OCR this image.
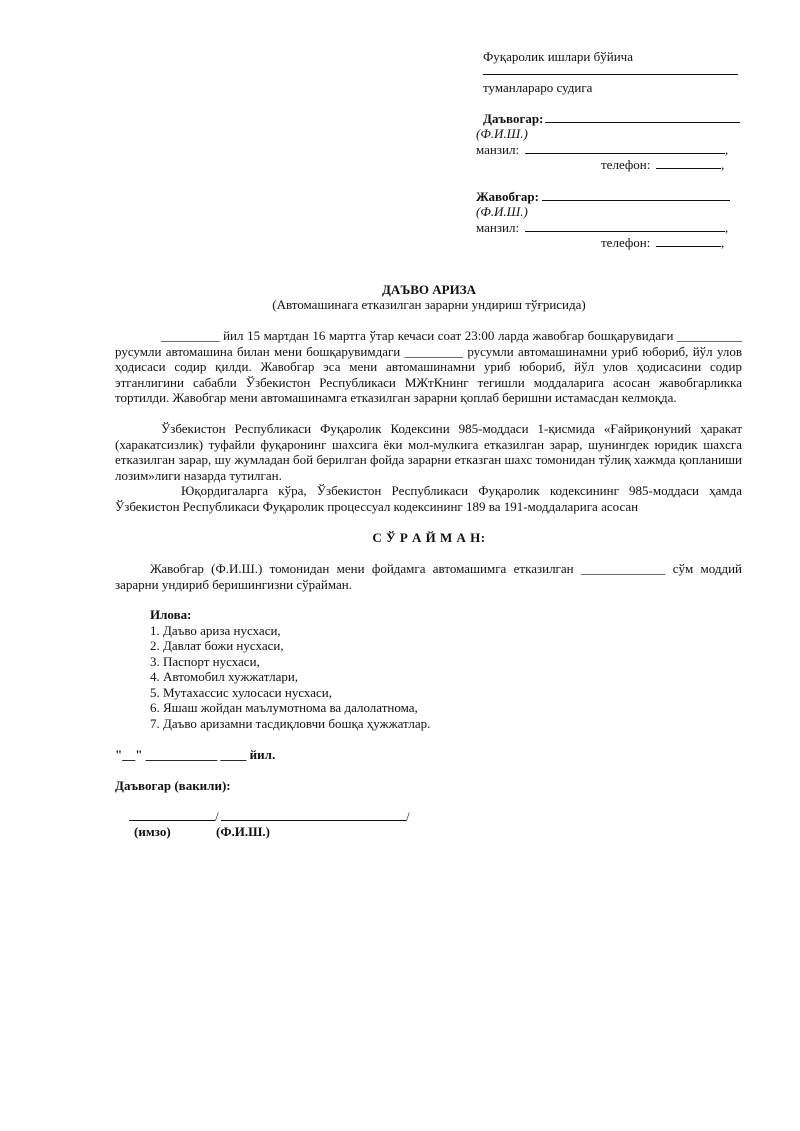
Фуқаролик ишлари бўйича
туманлараро судига
Даъвогар:
(Ф.И.Ш.)
манзил:	,
телефон:	,
Жавобгар:
(Ф.И.Ш.)
манзил:	,
телефон:	,
ДАЪВО АРИЗА
(Автомашинага етказилган зарарни ундириш тўғрисида)
_________ йил 15 мартдан 16 мартга ўтар кечаси соат 23:00 ларда жавобгар бошқарувидаги __________ русумли автомашина билан мени бошқарувимдаги _________ русумли автомашинамни уриб юбориб, йўл улов ҳодисаси содир қилди. Жавобгар эса мени автомашинамни уриб юбориб, йўл улов ҳодисасини содир этганлигини сабабли Ўзбекистон Республикаси МЖтКнинг тегишли моддаларига асосан жавобгарликка тортилди. Жавобгар мени автомашинамга етказилган зарарни қоплаб беришни истамасдан келмоқда.
Ўзбекистон Республикаси Фуқаролик Кодексини 985-моддаси 1-қисмида «Ғайриқонуний ҳаракат (харакатсизлик) туфайли фуқаронинг шахсига ёки мол-мулкига етказилган зарар, шунингдек юридик шахсга етказилган зарар, шу жумладан бой берилган фойда зарарни етказган шахс томонидан тўлиқ хажмда қопланиши лозим»лиги назарда тутилган.
Юқордигаларга кўра, Ўзбекистон Республикаси Фуқаролик кодексининг 985-моддаси ҳамда Ўзбекистон Республикаси Фуқаролик процессуал кодексининг 189 ва 191-моддаларига асосан
С Ў Р А Й М А Н:
Жавобгар (Ф.И.Ш.) томонидан мени фойдамга автомашимга етказилган _____________ сўм моддий зарарни ундириб беришингизни сўрайман.
Илова:
1. Даъво ариза нусхаси,
2. Давлат божи нусхаси,
3. Паспорт нусхаси,
4. Автомобил хужжатлари,
5. Мутахассис хулосаси нусхаси,
6. Яшаш жойдан маълумотнома ва далолатнома,
7. Даъво аризамни тасдиқловчи бошқа ҳужжатлар.
"__" ___________ ____ йил.
Даъвогар (вакили):
/	/
(имзо)	(Ф.И.Ш.)
